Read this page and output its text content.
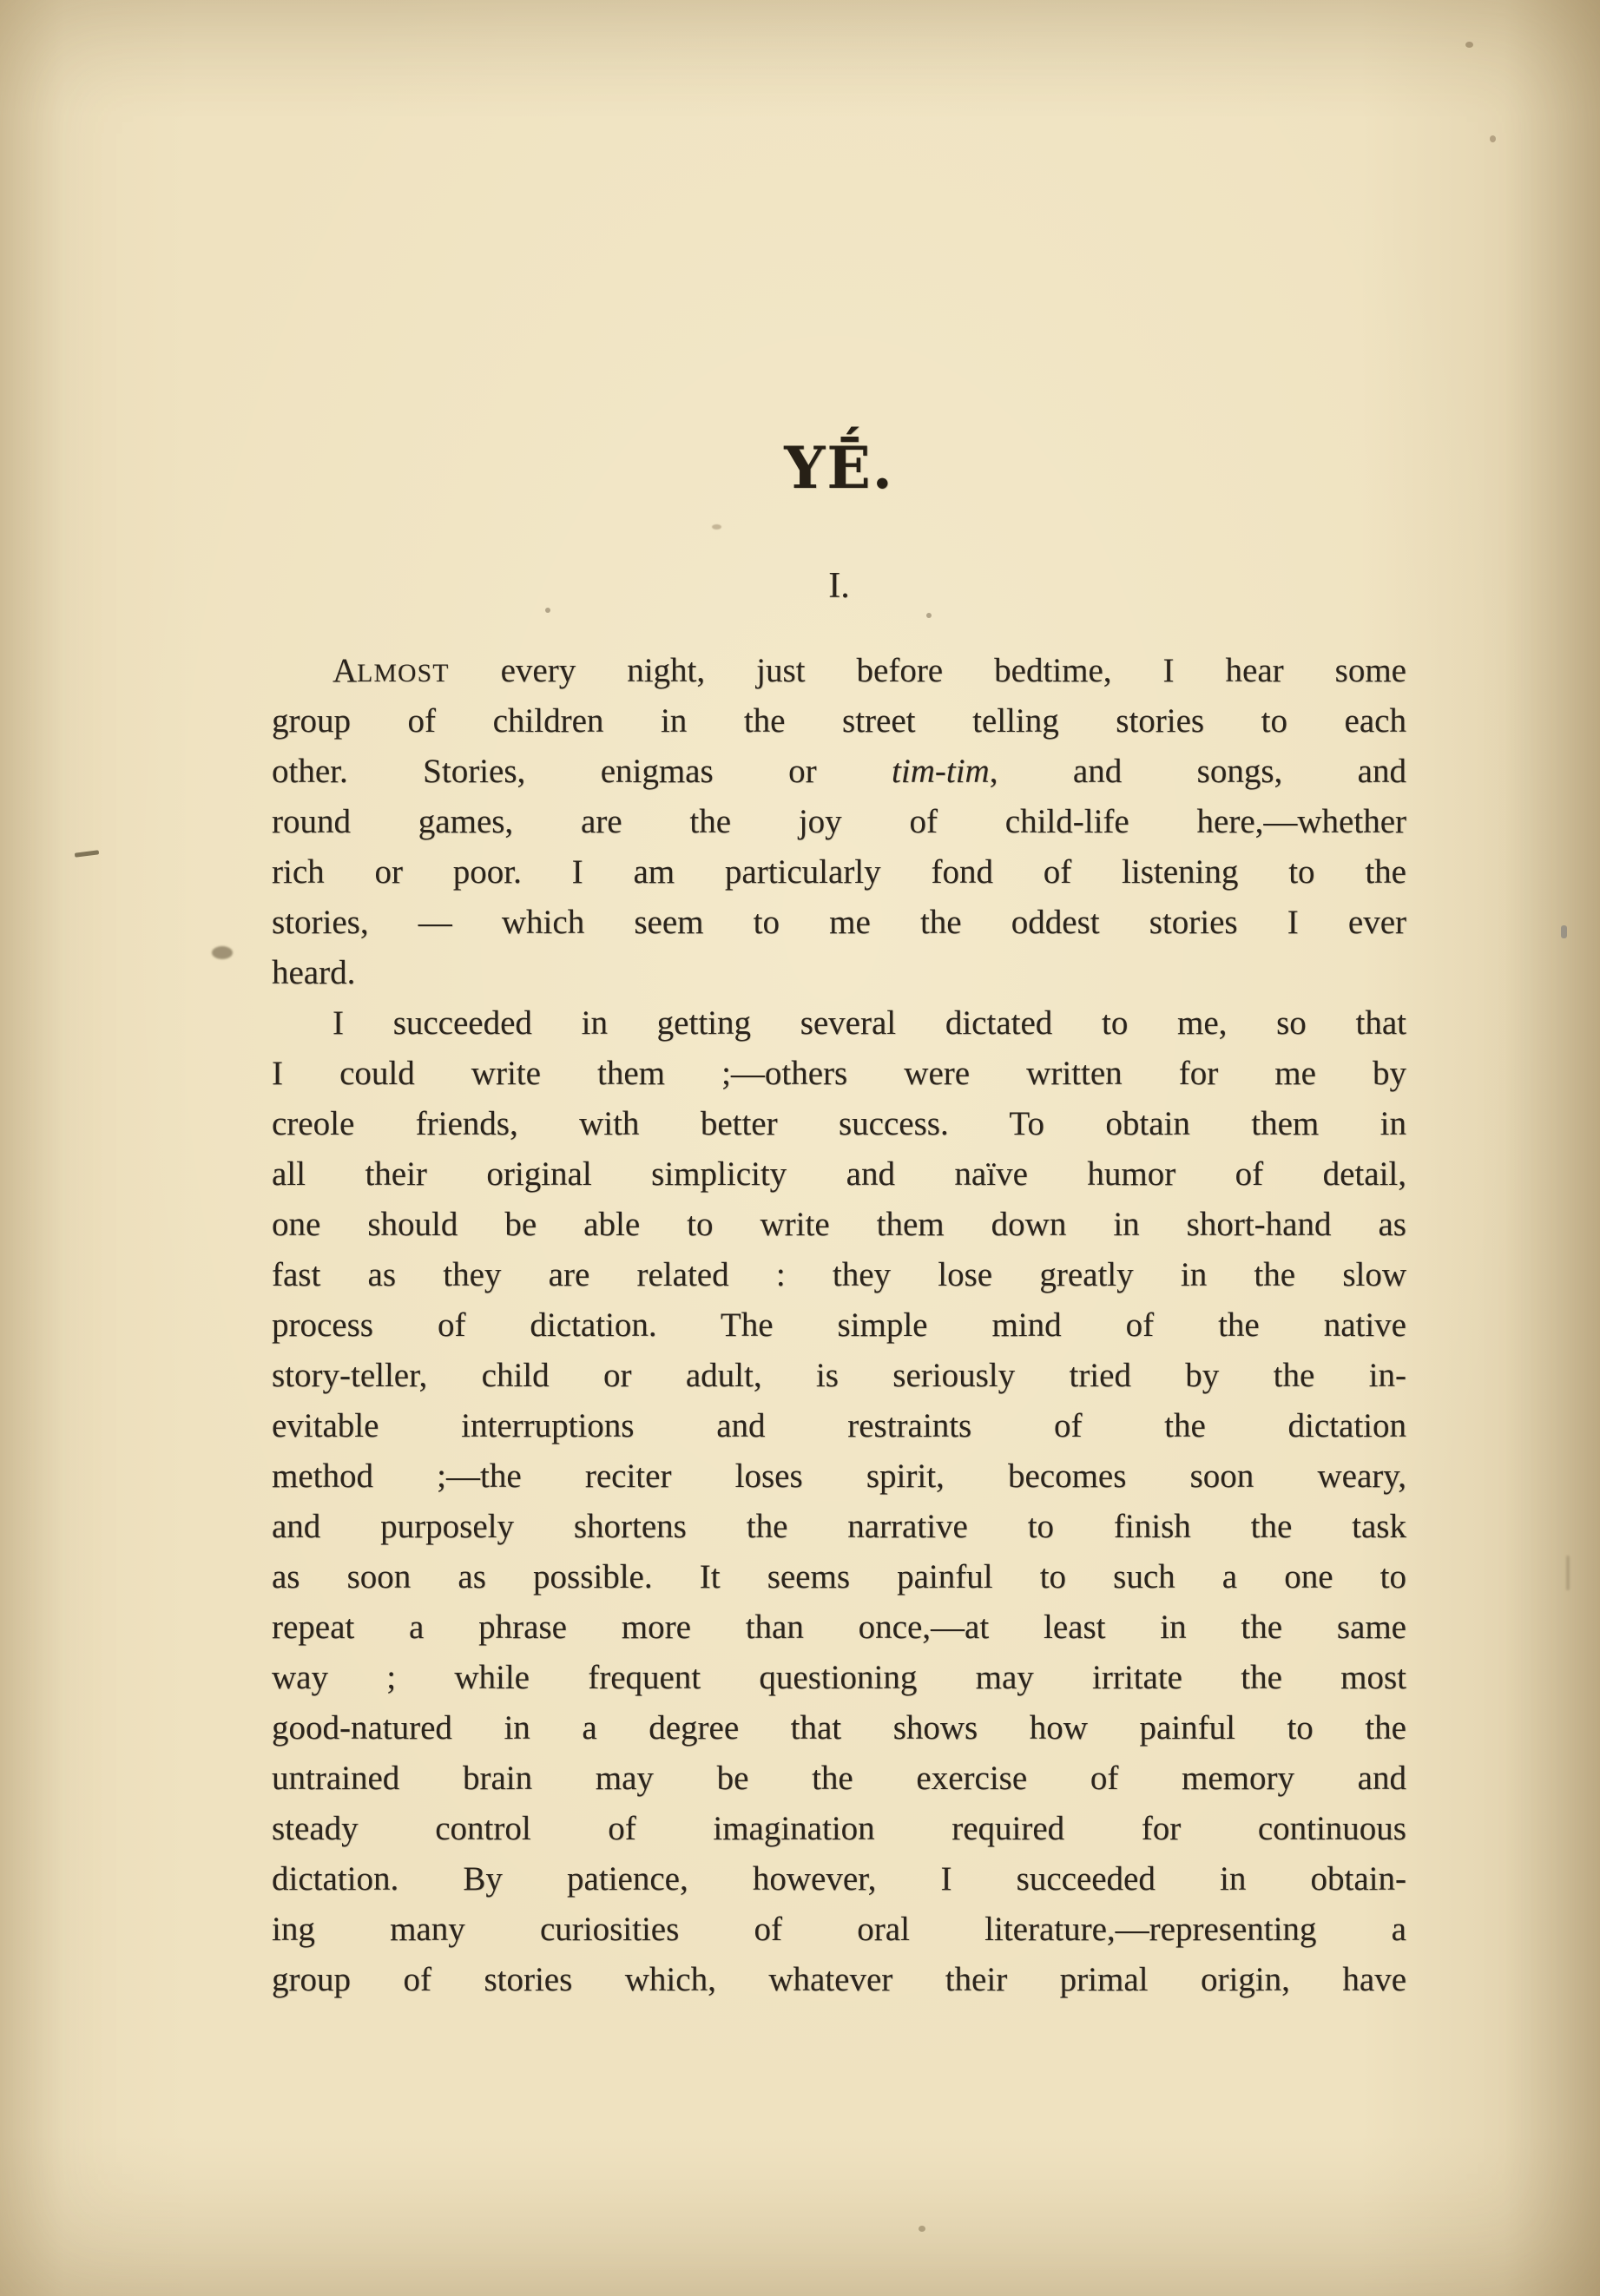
YḖ.
I.
ALMOST every night, just before bedtime, I hear some
group of children in the street telling stories to each
other. Stories, enigmas or tim-tim, and songs, and
round games, are the joy of child-life here,—whether
rich or poor. I am particularly fond of listening to the
stories, — which seem to me the oddest stories I ever
heard.
I succeeded in getting several dictated to me, so that
I could write them ;—others were written for me by
creole friends, with better success. To obtain them in
all their original simplicity and naïve humor of detail,
one should be able to write them down in short-hand as
fast as they are related : they lose greatly in the slow
process of dictation. The simple mind of the native
story-teller, child or adult, is seriously tried by the in-
evitable interruptions and restraints of the dictation
method ;—the reciter loses spirit, becomes soon weary,
and purposely shortens the narrative to finish the task
as soon as possible. It seems painful to such a one to
repeat a phrase more than once,—at least in the same
way ; while frequent questioning may irritate the most
good-natured in a degree that shows how painful to the
untrained brain may be the exercise of memory and
steady control of imagination required for continuous
dictation. By patience, however, I succeeded in obtain-
ing many curiosities of oral literature,—representing a
group of stories which, whatever their primal origin, have
